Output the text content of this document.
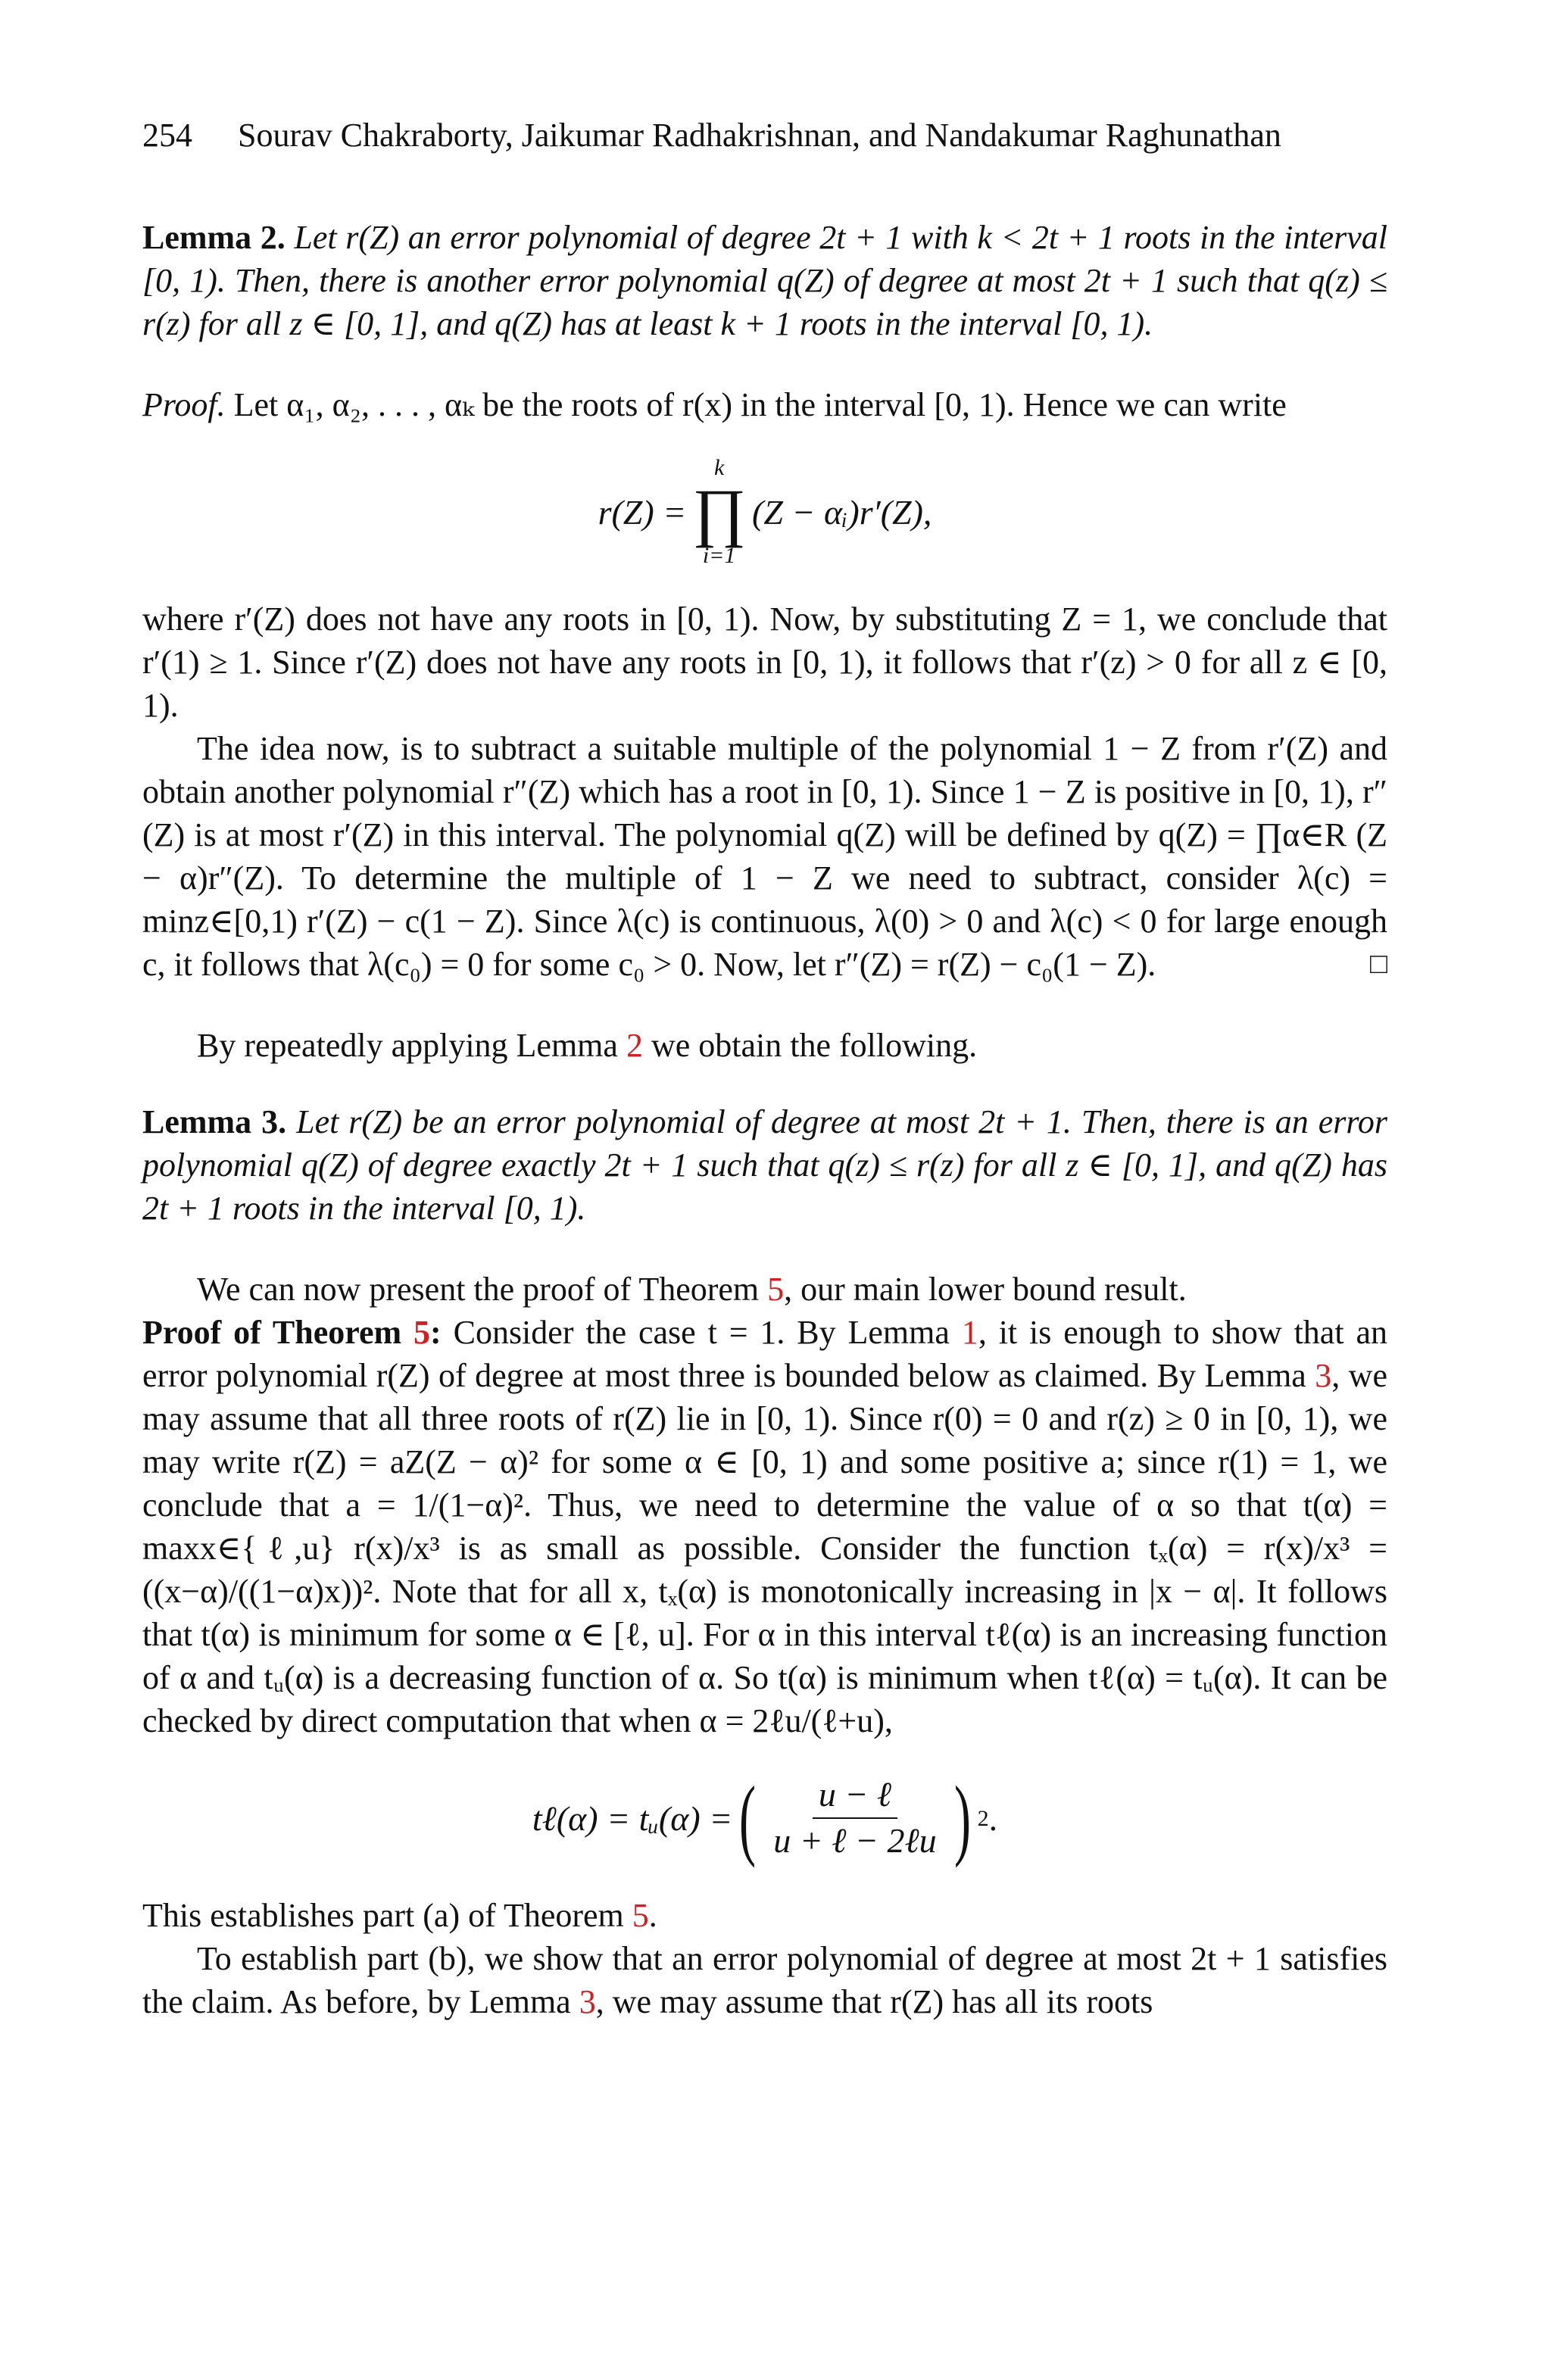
254 Sourav Chakraborty, Jaikumar Radhakrishnan, and Nandakumar Raghunathan

Lemma 2. Let r(Z) an error polynomial of degree 2t + 1 with k < 2t + 1 roots in the interval [0, 1). Then, there is another error polynomial q(Z) of degree at most 2t + 1 such that q(z) ≤ r(z) for all z ∈ [0, 1], and q(Z) has at least k + 1 roots in the interval [0, 1).

Proof. Let α₁, α₂, . . . , αₖ be the roots of r(x) in the interval [0, 1). Hence we can write

r(Z) =
k
∏
i=1
(Z − αᵢ)r′(Z),

where r′(Z) does not have any roots in [0, 1). Now, by substituting Z = 1, we conclude that r′(1) ≥ 1. Since r′(Z) does not have any roots in [0, 1), it follows that r′(z) > 0 for all z ∈ [0, 1).

The idea now, is to subtract a suitable multiple of the polynomial 1 − Z from r′(Z) and obtain another polynomial r″(Z) which has a root in [0, 1). Since 1 − Z is positive in [0, 1), r″(Z) is at most r′(Z) in this interval. The polynomial q(Z) will be defined by q(Z) = ∏α∈R (Z − α)r″(Z). To determine the multiple of 1 − Z we need to subtract, consider λ(c) = minz∈[0,1) r′(Z) − c(1 − Z). Since λ(c) is continuous, λ(0) > 0 and λ(c) < 0 for large enough c, it follows that λ(c₀) = 0 for some c₀ > 0. Now, let r″(Z) = r(Z) − c₀(1 − Z).	□

By repeatedly applying Lemma 2 we obtain the following.

Lemma 3. Let r(Z) be an error polynomial of degree at most 2t + 1. Then, there is an error polynomial q(Z) of degree exactly 2t + 1 such that q(z) ≤ r(z) for all z ∈ [0, 1], and q(Z) has 2t + 1 roots in the interval [0, 1).

We can now present the proof of Theorem 5, our main lower bound result.

Proof of Theorem 5: Consider the case t = 1. By Lemma 1, it is enough to show that an error polynomial r(Z) of degree at most three is bounded below as claimed. By Lemma 3, we may assume that all three roots of r(Z) lie in [0, 1). Since r(0) = 0 and r(z) ≥ 0 in [0, 1), we may write r(Z) = aZ(Z − α)² for some α ∈ [0, 1) and some positive a; since r(1) = 1, we conclude that a = 1/(1−α)². Thus, we need to determine the value of α so that t(α) = maxx∈{ℓ,u} r(x)/x³ is as small as possible. Consider the function tₓ(α) = r(x)/x³ = ((x−α)/((1−α)x))². Note that for all x, tₓ(α) is monotonically increasing in |x − α|. It follows that t(α) is minimum for some α ∈ [ℓ, u]. For α in this interval tℓ(α) is an increasing function of α and tᵤ(α) is a decreasing function of α. So t(α) is minimum when tℓ(α) = tᵤ(α). It can be checked by direct computation that when α = 2ℓu/(ℓ+u),

tℓ(α) = tᵤ(α) = ( $\frac{\text{u − ℓ}}{\text{u + ℓ − 2ℓu}}$ ) 2 .

This establishes part (a) of Theorem 5.

To establish part (b), we show that an error polynomial of degree at most 2t + 1 satisfies the claim. As before, by Lemma 3, we may assume that r(Z) has all its roots
